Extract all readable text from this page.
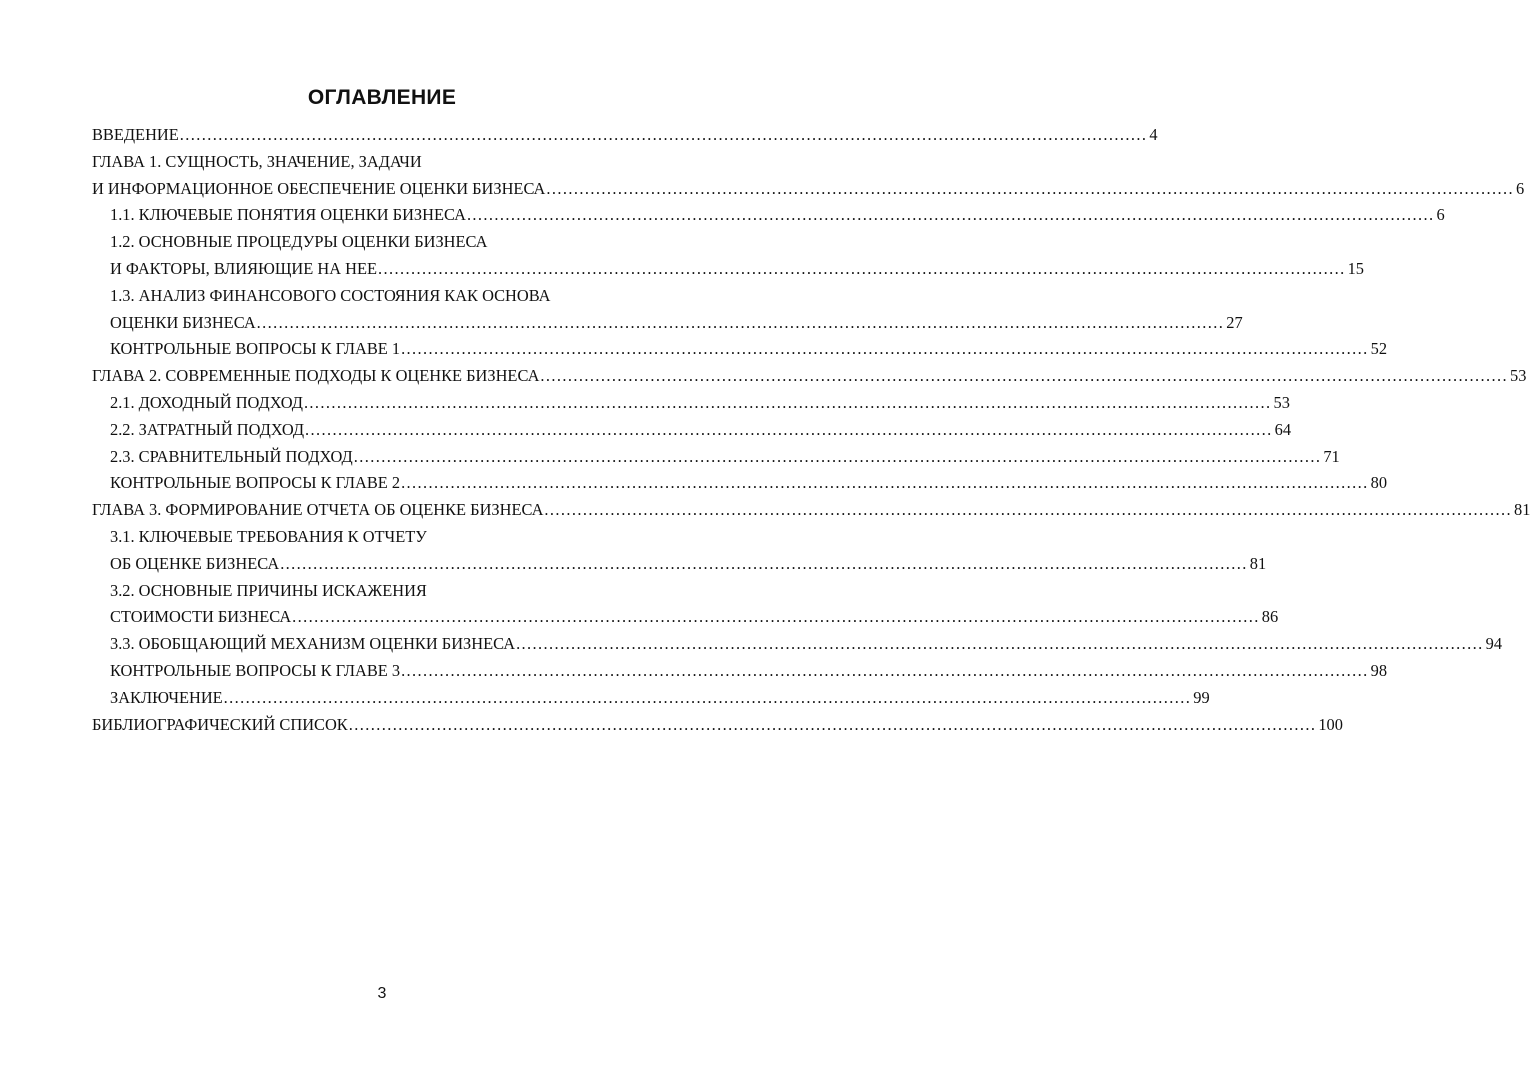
ОГЛАВЛЕНИЕ
ВВЕДЕНИЕ .....	4
ГЛАВА 1. СУЩНОСТЬ, ЗНАЧЕНИЕ, ЗАДАЧИ
И ИНФОРМАЦИОННОЕ ОБЕСПЕЧЕНИЕ ОЦЕНКИ БИЗНЕСА .....	6
1.1. КЛЮЧЕВЫЕ ПОНЯТИЯ ОЦЕНКИ БИЗНЕСА .....	6
1.2. ОСНОВНЫЕ ПРОЦЕДУРЫ ОЦЕНКИ БИЗНЕСА
И ФАКТОРЫ, ВЛИЯЮЩИЕ НА НЕЕ .....	15
1.3. АНАЛИЗ ФИНАНСОВОГО СОСТОЯНИЯ КАК ОСНОВА
ОЦЕНКИ БИЗНЕСА .....	27
КОНТРОЛЬНЫЕ ВОПРОСЫ К ГЛАВЕ 1 .....	52
ГЛАВА 2. СОВРЕМЕННЫЕ ПОДХОДЫ К ОЦЕНКЕ БИЗНЕСА .....	53
2.1. ДОХОДНЫЙ ПОДХОД .....	53
2.2. ЗАТРАТНЫЙ ПОДХОД .....	64
2.3. СРАВНИТЕЛЬНЫЙ ПОДХОД .....	71
КОНТРОЛЬНЫЕ ВОПРОСЫ К ГЛАВЕ 2 .....	80
ГЛАВА 3. ФОРМИРОВАНИЕ ОТЧЕТА ОБ ОЦЕНКЕ БИЗНЕСА .....	81
3.1. КЛЮЧЕВЫЕ ТРЕБОВАНИЯ К ОТЧЕТУ
ОБ ОЦЕНКЕ БИЗНЕСА .....	81
3.2. ОСНОВНЫЕ ПРИЧИНЫ ИСКАЖЕНИЯ
СТОИМОСТИ БИЗНЕСА .....	86
3.3. ОБОБЩАЮЩИЙ МЕХАНИЗМ ОЦЕНКИ БИЗНЕСА .....	94
КОНТРОЛЬНЫЕ ВОПРОСЫ К ГЛАВЕ 3 .....	98
ЗАКЛЮЧЕНИЕ .....	99
БИБЛИОГРАФИЧЕСКИЙ СПИСОК .....	100
3
